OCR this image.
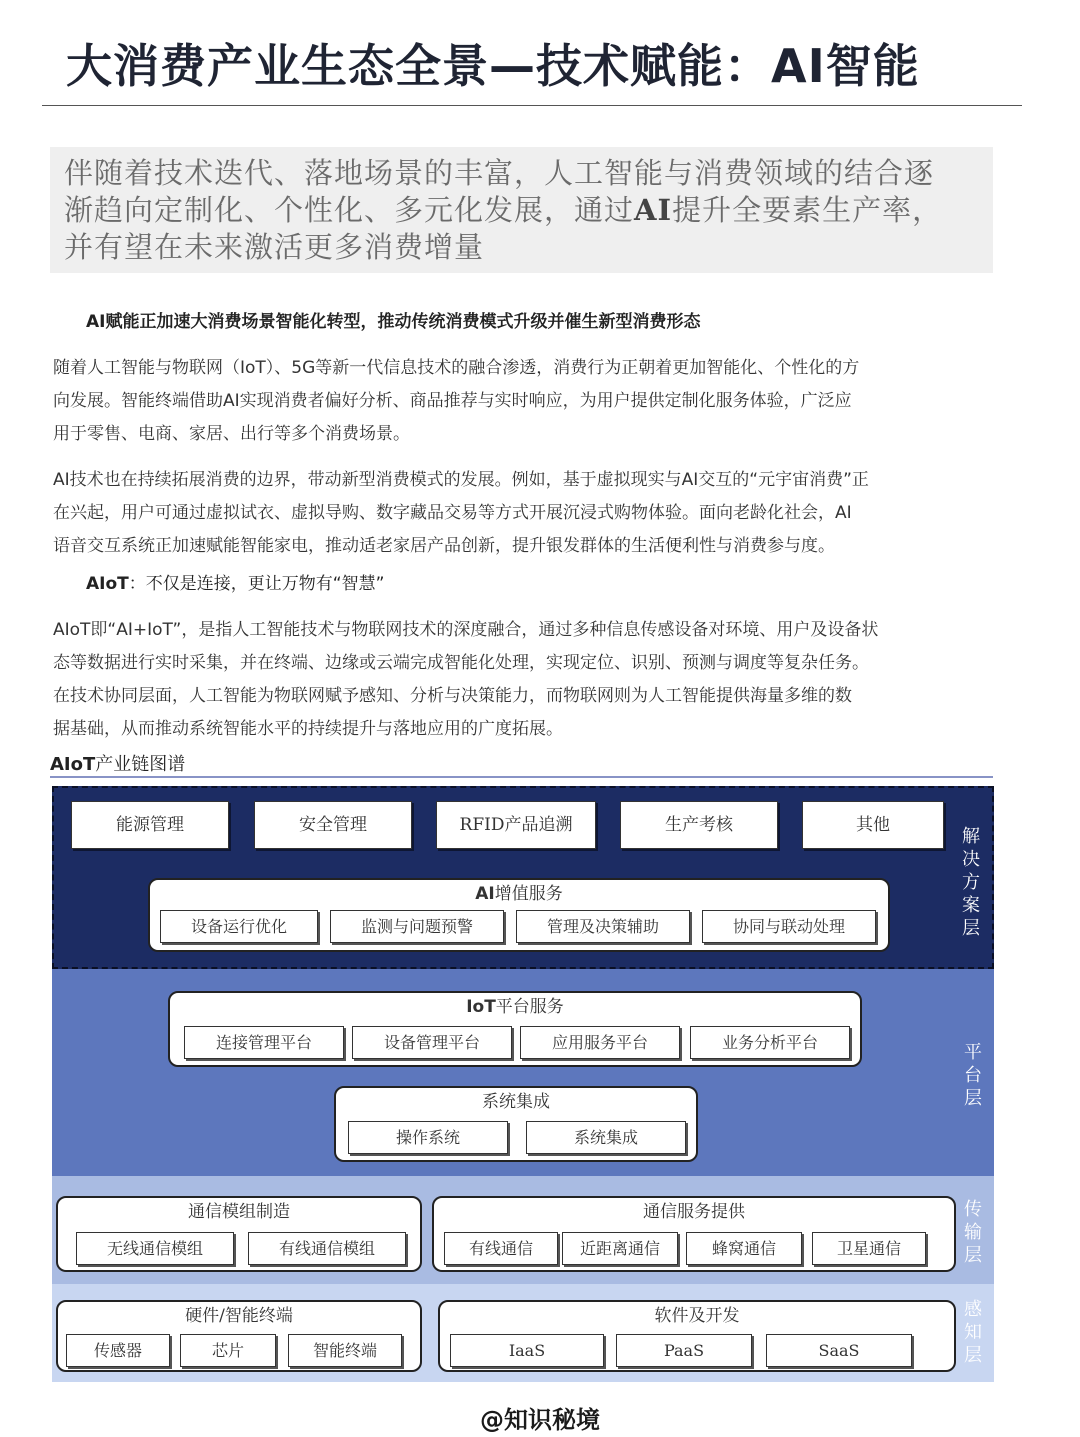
大消费产业生态全景—技术赋能：AI智能
伴随着技术迭代、落地场景的丰富，人工智能与消费领域的结合逐
渐趋向定制化、个性化、多元化发展，通过AI提升全要素生产率，
并有望在未来激活更多消费增量

AI赋能正加速大消费场景智能化转型，推动传统消费模式升级并催生新型消费形态

随着人工智能与物联网（IoT）、5G等新一代信息技术的融合渗透，消费行为正朝着更加智能化、个性化的方
向发展。智能终端借助AI实现消费者偏好分析、商品推荐与实时响应，为用户提供定制化服务体验，广泛应
用于零售、电商、家居、出行等多个消费场景。
AI技术也在持续拓展消费的边界，带动新型消费模式的发展。例如，基于虚拟现实与AI交互的“元宇宙消费”正
在兴起，用户可通过虚拟试衣、虚拟导购、数字藏品交易等方式开展沉浸式购物体验。面向老龄化社会，AI
语音交互系统正加速赋能智能家电，推动适老家居产品创新，提升银发群体的生活便利性与消费参与度。

AIoT：不仅是连接，更让万物有“智慧”

AIoT即“AI+IoT”，是指人工智能技术与物联网技术的深度融合，通过多种信息传感设备对环境、用户及设备状
态等数据进行实时采集，并在终端、边缘或云端完成智能化处理，实现定位、识别、预测与调度等复杂任务。
在技术协同层面，人工智能为物联网赋予感知、分析与决策能力，而物联网则为人工智能提供海量多维的数
据基础，从而推动系统智能水平的持续提升与落地应用的广度拓展。

AIoT产业链图谱

能源管理	安全管理	RFID产品追溯	生产考核	其他
AI增值服务
设备运行优化	监测与问题预警	管理及决策辅助	协同与联动处理
解决方案层
IoT平台服务
连接管理平台	设备管理平台	应用服务平台	业务分析平台
系统集成
操作系统	系统集成
平台层
通信模组制造
无线通信模组	有线通信模组
通信服务提供
有线通信	近距离通信	蜂窝通信	卫星通信
传输层
硬件/智能终端
传感器	芯片	智能终端
软件及开发
IaaS	PaaS	SaaS
感知层
@知识秘境
